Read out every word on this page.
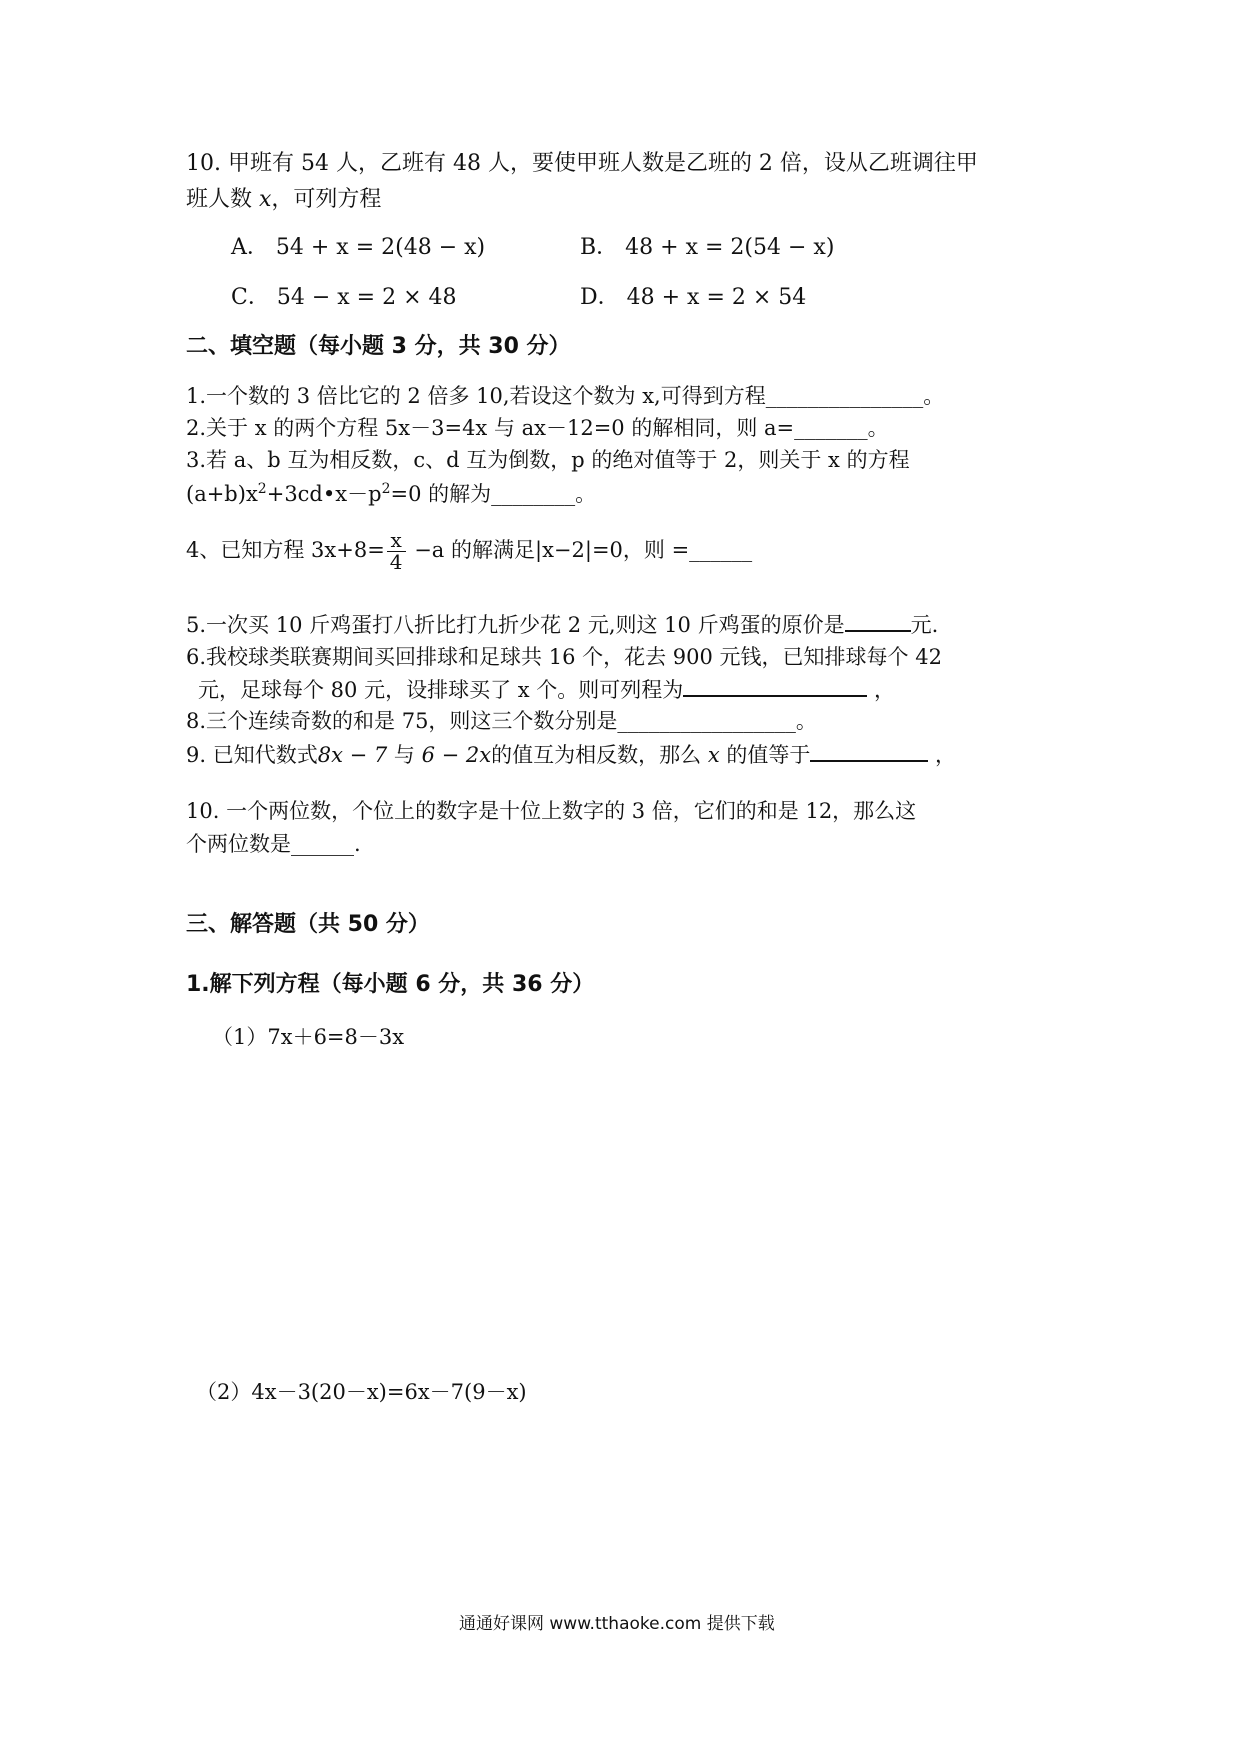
10. 甲班有 54 人，乙班有 48 人，要使甲班人数是乙班的 2 倍，设从乙班调往甲
班人数 x，可列方程
A． 54 + x = 2(48 − x)	B． 48 + x = 2(54 − x)
C． 54 − x = 2 × 48	D． 48 + x = 2 × 54
二、填空题（每小题 3 分，共 30 分）
1.一个数的 3 倍比它的 2 倍多 10,若设这个数为 x,可得到方程_______________。
2.关于 x 的两个方程 5x－3=4x 与 ax－12=0 的解相同，则 a=_______。
3.若 a、b 互为相反数，c、d 互为倒数，p 的绝对值等于 2，则关于 x 的方程
$(a+b)x^2+3cd•x-p^2=0$ 的解为________。
4、已知方程 $3x+8= \frac{x}{4} -a$ 的解满足|x−2|=0，则 =______
5.一次买 10 斤鸡蛋打八折比打九折少花 2 元,则这 10 斤鸡蛋的原价是	元.
6.我校球类联赛期间买回排球和足球共 16 个，花去 900 元钱，已知排球每个 42
元，足球每个 80 元，设排球买了 x 个。则可列程为	，
8.三个连续奇数的和是 75，则这三个数分别是_________________。
9. 已知代数式8x − 7 与 6 − 2x的值互为相反数，那么 x 的值等于	，
10. 一个两位数，个位上的数字是十位上数字的 3 倍，它们的和是 12，那么这
个两位数是______.
三、解答题（共 50 分）
1.解下列方程（每小题 6 分，共 36 分）
（1）7x＋6=8－3x
（2）4x－3(20－x)=6x－7(9－x)
通通好课网 www.tthaoke.com 提供下载
